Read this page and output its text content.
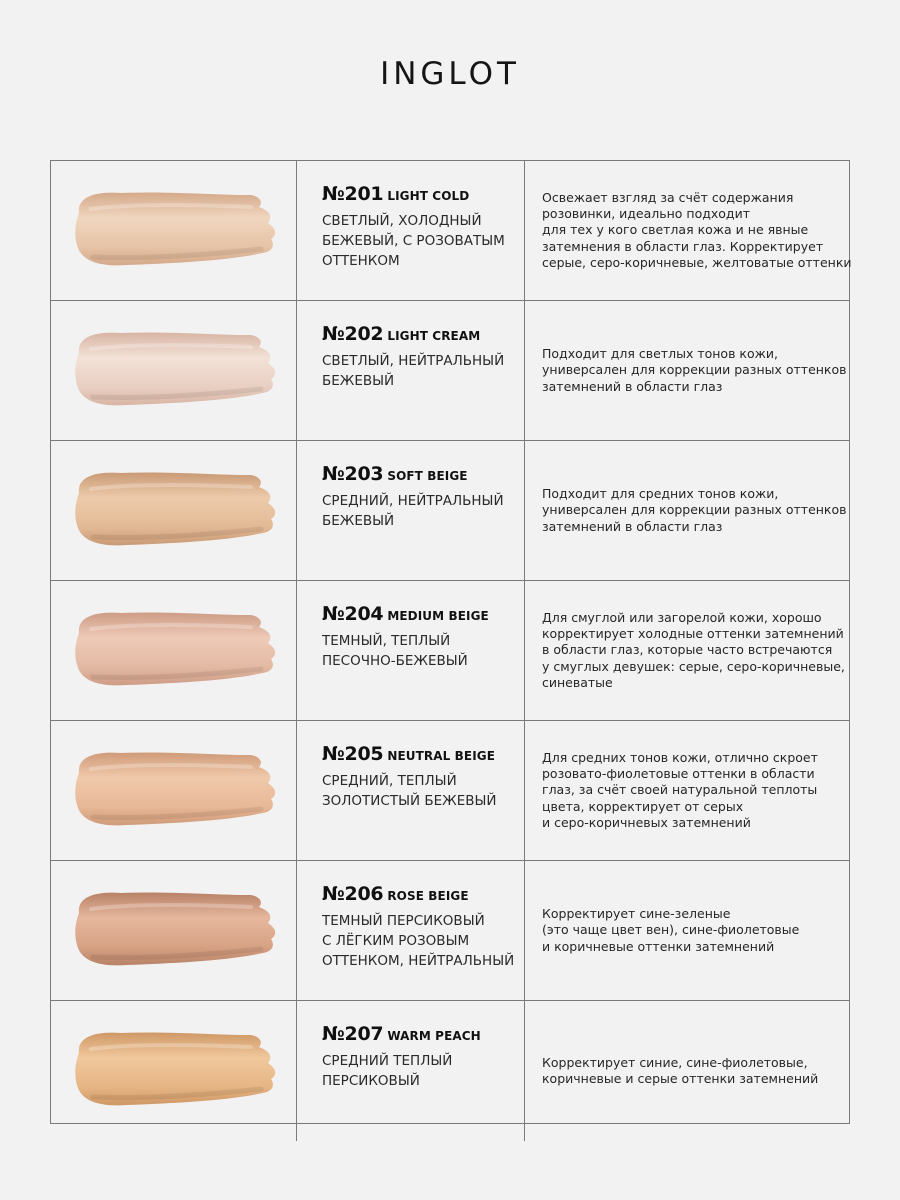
INGLOT
№201 LIGHT COLD
СВЕТЛЫЙ, ХОЛОДНЫЙ
БЕЖЕВЫЙ, С РОЗОВАТЫМ
ОТТЕНКОМ
Освежает взгляд за счёт содержания
розовинки, идеально подходит
для тех у кого светлая кожа и не явные
затемнения в области глаз. Корректирует
серые, серо-коричневые, желтоватые оттенки
№202 LIGHT CREAM
СВЕТЛЫЙ, НЕЙТРАЛЬНЫЙ
БЕЖЕВЫЙ
Подходит для светлых тонов кожи,
универсален для коррекции разных оттенков
затемнений в области глаз
№203 SOFT BEIGE
СРЕДНИЙ, НЕЙТРАЛЬНЫЙ
БЕЖЕВЫЙ
Подходит для средних тонов кожи,
универсален для коррекции разных оттенков
затемнений в области глаз
№204 MEDIUM BEIGE
ТЕМНЫЙ, ТЕПЛЫЙ
ПЕСОЧНО-БЕЖЕВЫЙ
Для смуглой или загорелой кожи, хорошо
корректирует холодные оттенки затемнений
в области глаз, которые часто встречаются
у смуглых девушек: серые, серо-коричневые,
синеватые
№205 NEUTRAL BEIGE
СРЕДНИЙ, ТЕПЛЫЙ
ЗОЛОТИСТЫЙ БЕЖЕВЫЙ
Для средних тонов кожи, отлично скроет
розовато-фиолетовые оттенки в области
глаз, за счёт своей натуральной теплоты
цвета, корректирует от серых
и серо-коричневых затемнений
№206 ROSE BEIGE
ТЕМНЫЙ ПЕРСИКОВЫЙ
С ЛЁГКИМ РОЗОВЫМ
ОТТЕНКОМ, НЕЙТРАЛЬНЫЙ
Корректирует сине-зеленые
(это чаще цвет вен), сине-фиолетовые
и коричневые оттенки затемнений
№207 WARM PEACH
СРЕДНИЙ ТЕПЛЫЙ
ПЕРСИКОВЫЙ
Корректирует синие, сине-фиолетовые,
коричневые и серые оттенки затемнений
